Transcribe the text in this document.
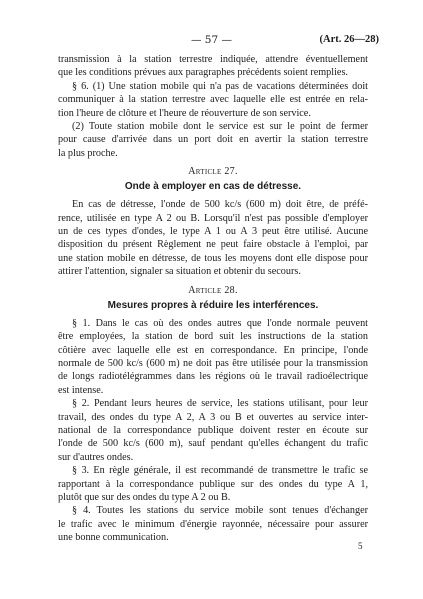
— 57 —	(Art. 26—28)
transmission à la station terrestre indiquée, attendre éventuellement
que les conditions prévues aux paragraphes précédents soient remplies.
§ 6. (1) Une station mobile qui n'a pas de vacations déterminées doit
communiquer à la station terrestre avec laquelle elle est entrée en rela-
tion l'heure de clôture et l'heure de réouverture de son service.
(2) Toute station mobile dont le service est sur le point de fermer
pour cause d'arrivée dans un port doit en avertir la station terrestre
la plus proche.
Article 27.
Onde à employer en cas de détresse.
En cas de détresse, l'onde de 500 kc/s (600 m) doit être, de préfé-
rence, utilisée en type A 2 ou B. Lorsqu'il n'est pas possible d'employer
un de ces types d'ondes, le type A 1 ou A 3 peut être utilisé. Aucune
disposition du présent Règlement ne peut faire obstacle à l'emploi, par
une station mobile en détresse, de tous les moyens dont elle dispose pour
attirer l'attention, signaler sa situation et obtenir du secours.
Article 28.
Mesures propres à réduire les interférences.
§ 1. Dans le cas où des ondes autres que l'onde normale peuvent
être employées, la station de bord suit les instructions de la station
côtière avec laquelle elle est en correspondance. En principe, l'onde
normale de 500 kc/s (600 m) ne doit pas être utilisée pour la transmission
de longs radiotélégrammes dans les régions où le travail radioélectrique
est intense.
§ 2. Pendant leurs heures de service, les stations utilisant, pour leur
travail, des ondes du type A 2, A 3 ou B et ouvertes au service inter-
national de la correspondance publique doivent rester en écoute sur
l'onde de 500 kc/s (600 m), sauf pendant qu'elles échangent du trafic
sur d'autres ondes.
§ 3. En règle générale, il est recommandé de transmettre le trafic se
rapportant à la correspondance publique sur des ondes du type A 1,
plutôt que sur des ondes du type A 2 ou B.
§ 4. Toutes les stations du service mobile sont tenues d'échanger
le trafic avec le minimum d'énergie rayonnée, nécessaire pour assurer
une bonne communication.
5
